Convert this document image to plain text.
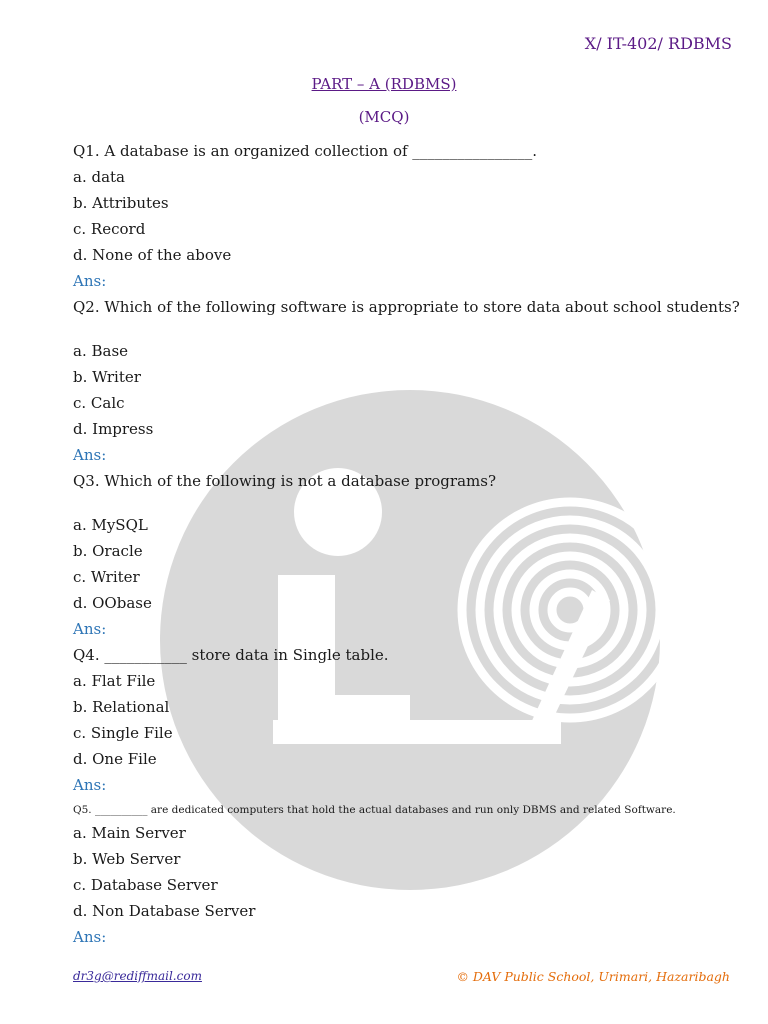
X/ IT-402/ RDBMS
PART – A (RDBMS)
(MCQ)
Q1. A database is an organized collection of ________________.
a. data
b. Attributes
c. Record
d. None of the above
Ans:
Q2. Which of the following software is appropriate to store data about school students?
a. Base
b. Writer
c. Calc
d. Impress
Ans:
Q3. Which of the following is not a database programs?
a. MySQL
b. Oracle
c. Writer
d. OObase
Ans:
Q4. ___________ store data in Single table.
a. Flat File
b. Relational
c. Single File
d. One File
Ans:
Q5. __________ are dedicated computers that hold the actual databases and run only DBMS and related Software.
a. Main Server
b. Web Server
c. Database Server
d. Non Database Server
Ans:
dr3g@rediffmail.com	© DAV Public School, Urimari, Hazaribagh
